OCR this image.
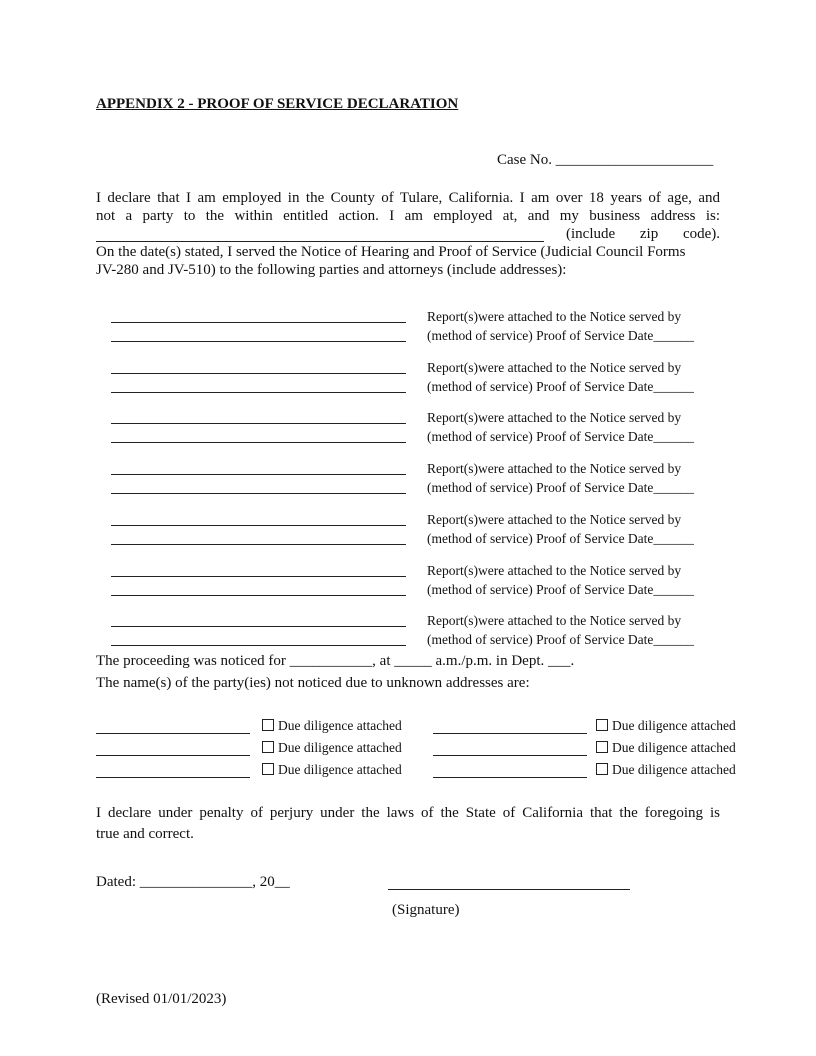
APPENDIX 2 - PROOF OF SERVICE DECLARATION
Case No. _____________________
I declare that I am employed in the County of Tulare, California. I am over 18 years of age, and
not a party to the within entitled action. I am employed at, and my business address is:
(include zip code).
On the date(s) stated, I served the Notice of Hearing and Proof of Service (Judicial Council Forms
JV-280 and JV-510) to the following parties and attorneys (include addresses):
Report(s)were attached to the Notice served by
(method of service) Proof of Service Date______
Report(s)were attached to the Notice served by
(method of service) Proof of Service Date______
Report(s)were attached to the Notice served by
(method of service) Proof of Service Date______
Report(s)were attached to the Notice served by
(method of service) Proof of Service Date______
Report(s)were attached to the Notice served by
(method of service) Proof of Service Date______
Report(s)were attached to the Notice served by
(method of service) Proof of Service Date______
Report(s)were attached to the Notice served by
(method of service) Proof of Service Date______
The proceeding was noticed for ___________, at _____ a.m./p.m. in Dept. ___.
The name(s) of the party(ies) not noticed due to unknown addresses are:
Due diligence attached	Due diligence attached
Due diligence attached	Due diligence attached
Due diligence attached	Due diligence attached
I declare under penalty of perjury under the laws of the State of California that the foregoing is
true and correct.
Dated: _______________, 20__
(Signature)
(Revised 01/01/2023)
